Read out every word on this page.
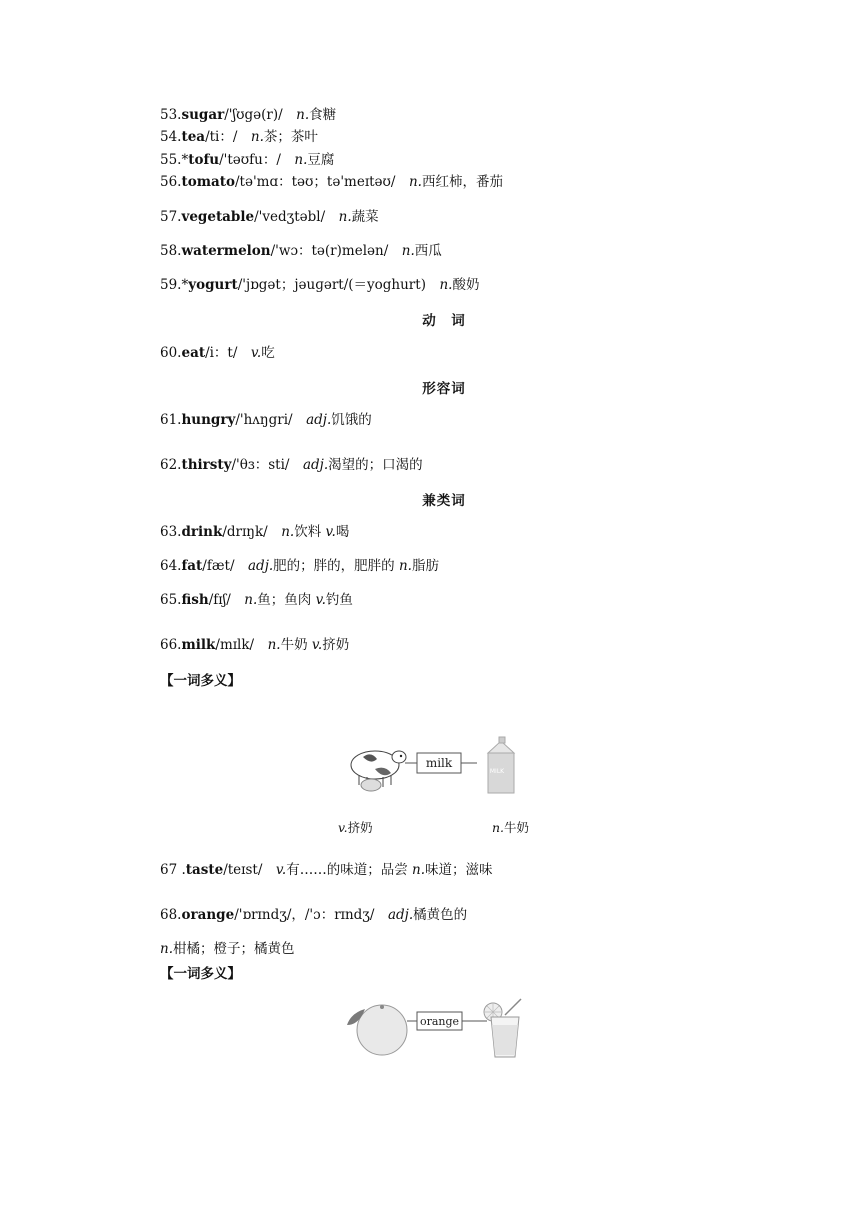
53.sugar/'ʃʊgə(r)/  n.食糖
54.tea/ti：/  n.茶；茶叶
55.*tofu/'təʊfu：/  n.豆腐
56.tomato/tə'mɑ：təʊ；tə'meɪtəʊ/  n.西红柿，番茄
57.vegetable/'vedʒtəbl/  n.蔬菜
58.watermelon/'wɔ：tə(r)melən/  n.西瓜
59.*yogurt/'jɒgət；jəuɡərt/(＝yoghurt)  n.酸奶
动　词
60.eat/i：t/  v.吃
形容词
61.hungry/'hʌŋgri/  adj.饥饿的
62.thirsty/'θɜ：sti/  adj.渴望的；口渴的
兼类词
63.drink/drɪŋk/  n.饮料 v.喝
64.fat/fæt/  adj.肥的；胖的，肥胖的 n.脂肪
65.fish/fɪʃ/  n.鱼；鱼肉 v.钓鱼
66.milk/mɪlk/  n.牛奶 v.挤奶
【一词多义】
milk
MILK
v.挤奶	n.牛奶
67 .taste/teɪst/  v.有……的味道；品尝 n.味道；滋味
68.orange/'ɒrɪndʒ/，/'ɔ：rɪndʒ/  adj.橘黄色的
n.柑橘；橙子；橘黄色
【一词多义】
orange
